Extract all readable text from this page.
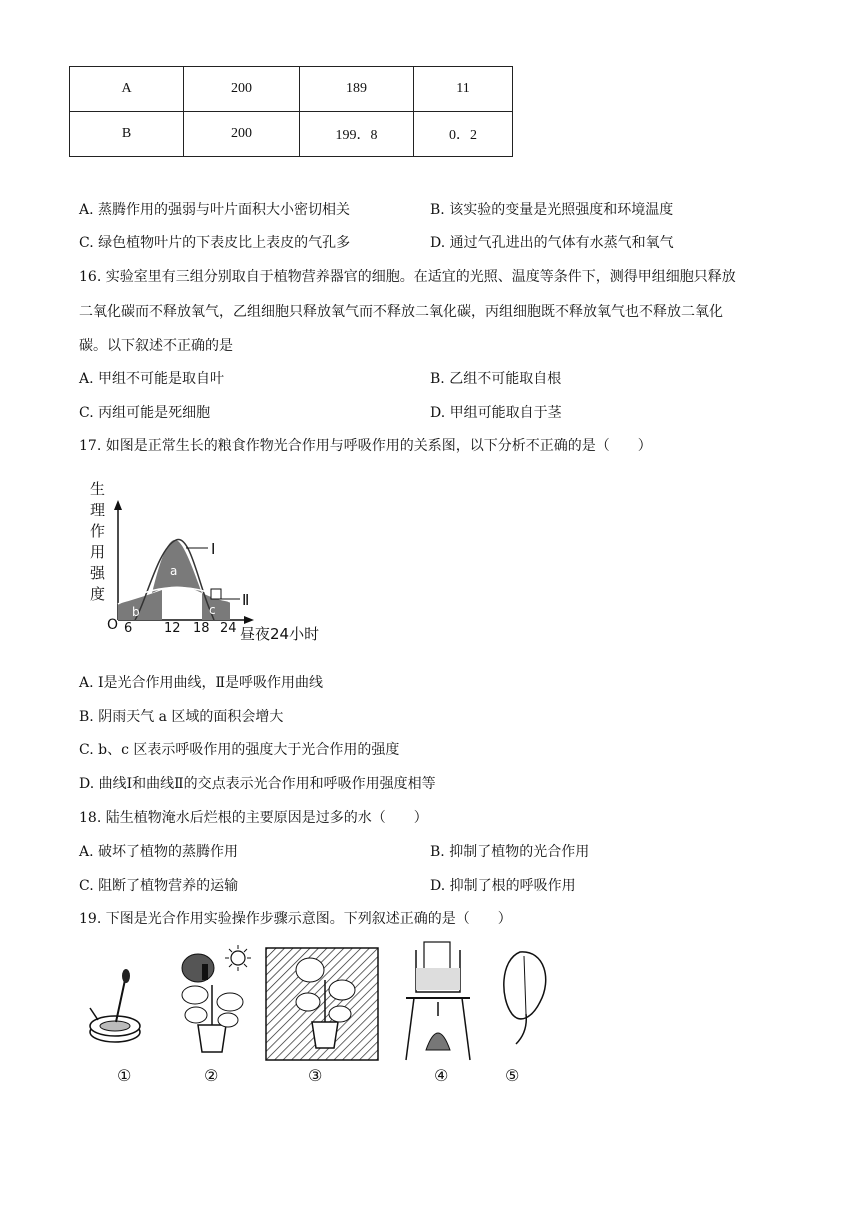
A	200	189	11
B	200	199．8	0．2
A. 蒸腾作用的强弱与叶片面积大小密切相关	B. 该实验的变量是光照强度和环境温度
C. 绿色植物叶片的下表皮比上表皮的气孔多	D. 通过气孔进出的气体有水蒸气和氧气
16. 实验室里有三组分别取自于植物营养器官的细胞。在适宜的光照、温度等条件下，测得甲组细胞只释放
二氧化碳而不释放氧气，乙组细胞只释放氧气而不释放二氧化碳，丙组细胞既不释放氧气也不释放二氧化
碳。以下叙述不正确的是
A. 甲组不可能是取自叶	B. 乙组不可能取自根
C. 丙组可能是死细胞	D. 甲组可能取自于茎
17. 如图是正常生长的粮食作物光合作用与呼吸作用的关系图，以下分析不正确的是（　　）
生理作用强度
a
b	c
Ⅰ
Ⅱ
O 6 12 18 24 昼夜24小时
A. Ⅰ是光合作用曲线，Ⅱ是呼吸作用曲线
B. 阴雨天气 a 区域的面积会增大
C. b、c 区表示呼吸作用的强度大于光合作用的强度
D. 曲线Ⅰ和曲线Ⅱ的交点表示光合作用和呼吸作用强度相等
18. 陆生植物淹水后烂根的主要原因是过多的水（　　）
A. 破坏了植物的蒸腾作用	B. 抑制了植物的光合作用
C. 阻断了植物营养的运输	D. 抑制了根的呼吸作用
19. 下图是光合作用实验操作步骤示意图。下列叙述正确的是（　　）
①	②	③	④	⑤
